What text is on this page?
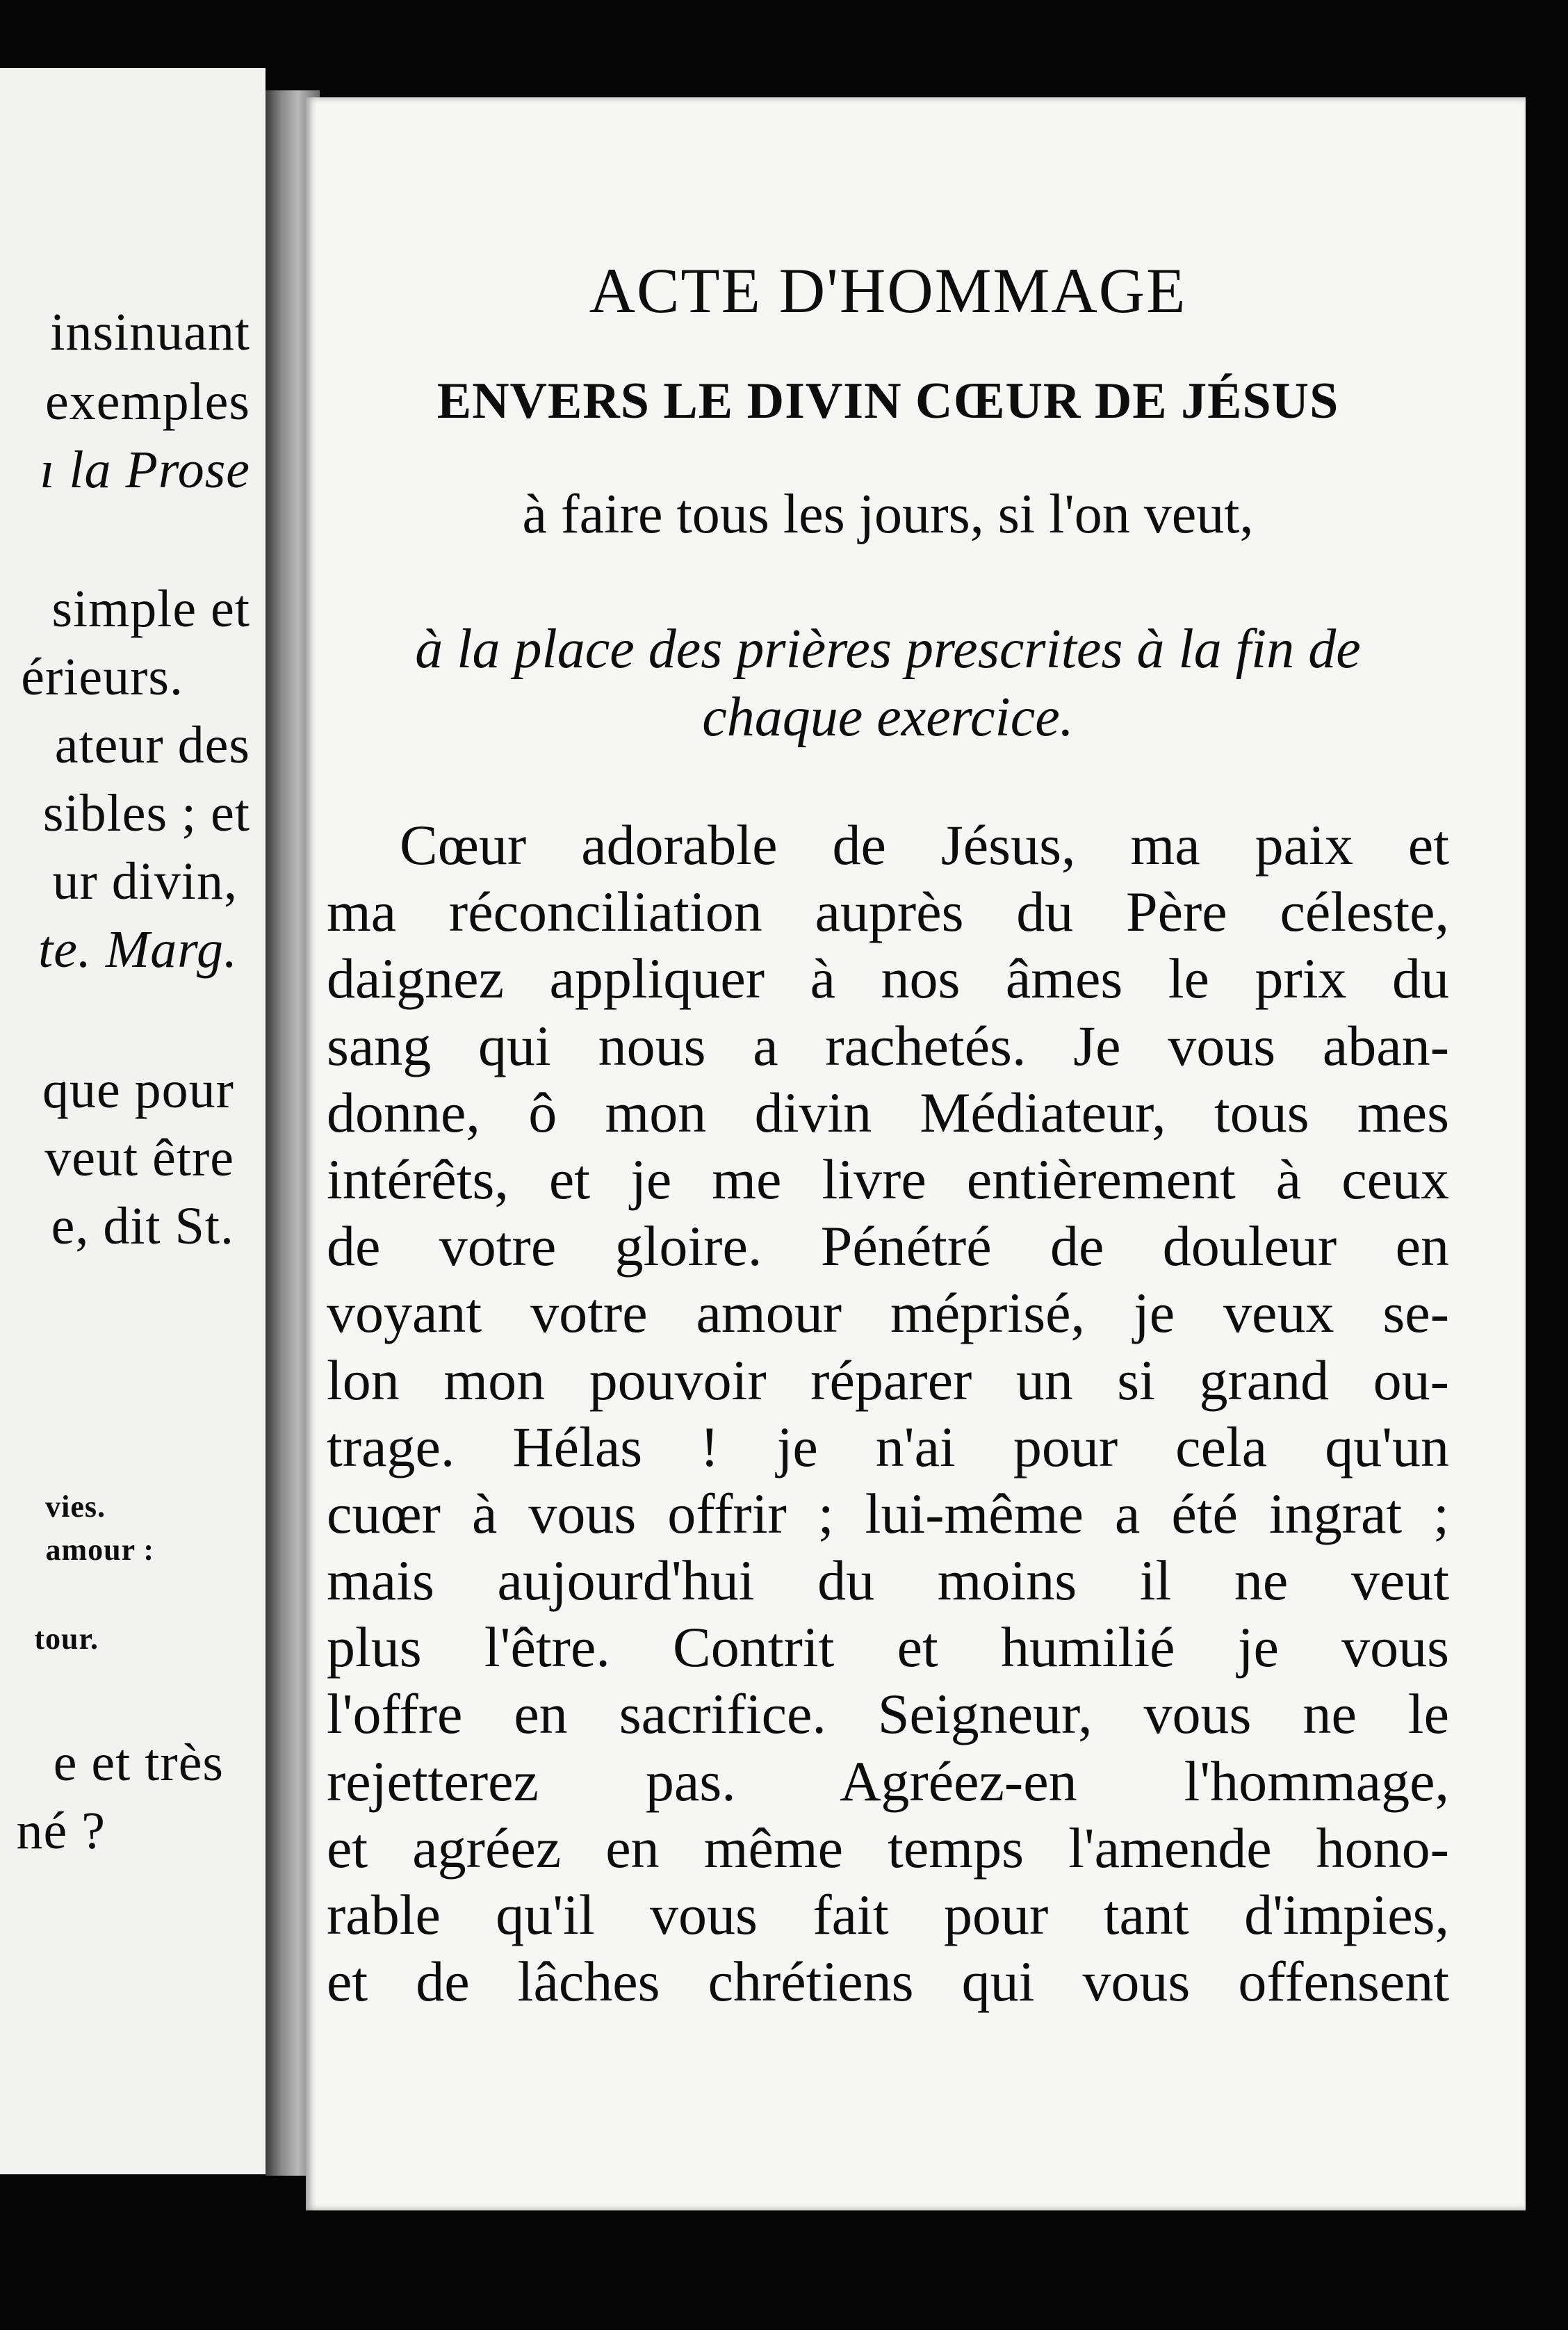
insinuant
exemples
ı la Prose
simple et
érieurs.
ateur des
sibles ; et
ur divin,
te. Marg.
que pour
veut être
e, dit St.
vies.
amour :
tour.
e et très
né ?
ACTE D'HOMMAGE
ENVERS LE DIVIN CŒUR DE JÉSUS
à faire tous les jours, si l'on veut,
à la place des prières prescrites à la fin de
chaque exercice.
Cœur adorable de Jésus, ma paix et
ma réconciliation auprès du Père céleste,
daignez appliquer à nos âmes le prix du
sang qui nous a rachetés. Je vous aban-
donne, ô mon divin Médiateur, tous mes
intérêts, et je me livre entièrement à ceux
de votre gloire. Pénétré de douleur en
voyant votre amour méprisé, je veux se-
lon mon pouvoir réparer un si grand ou-
trage. Hélas ! je n'ai pour cela qu'un
cuœr à vous offrir ; lui-même a été ingrat ;
mais aujourd'hui du moins il ne veut
plus l'être. Contrit et humilié je vous
l'offre en sacrifice. Seigneur, vous ne le
rejetterez pas. Agréez-en l'hommage,
et agréez en même temps l'amende hono-
rable qu'il vous fait pour tant d'impies,
et de lâches chrétiens qui vous offensent
